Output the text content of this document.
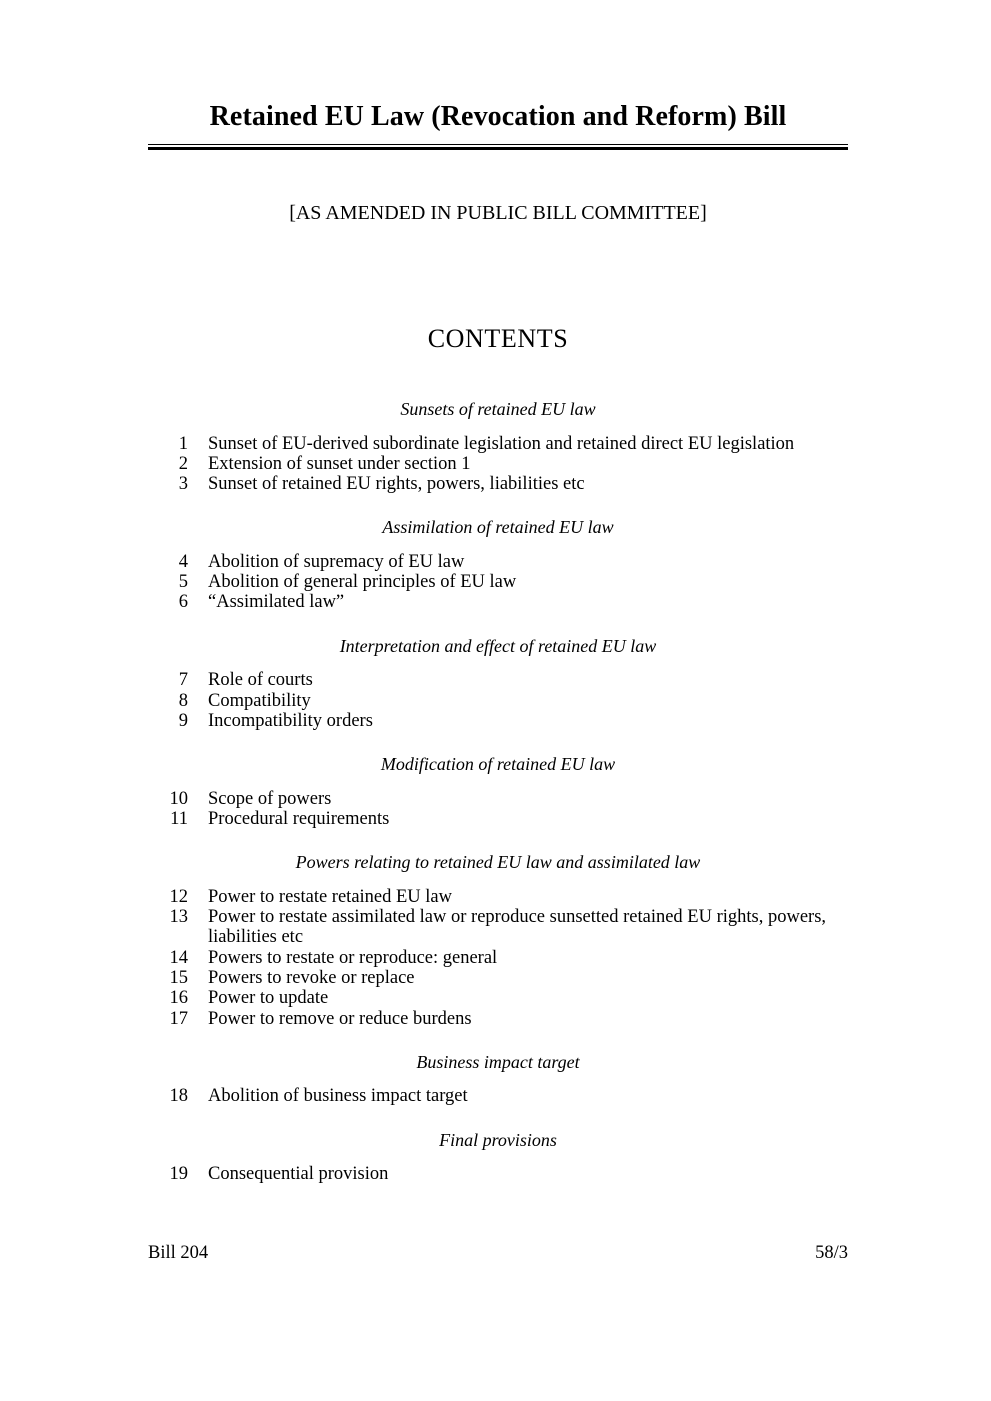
Retained EU Law (Revocation and Reform) Bill
[AS AMENDED IN PUBLIC BILL COMMITTEE]
CONTENTS
Sunsets of retained EU law
1	Sunset of EU-derived subordinate legislation and retained direct EU legislation
2	Extension of sunset under section 1
3	Sunset of retained EU rights, powers, liabilities etc
Assimilation of retained EU law
4	Abolition of supremacy of EU law
5	Abolition of general principles of EU law
6	“Assimilated law”
Interpretation and effect of retained EU law
7	Role of courts
8	Compatibility
9	Incompatibility orders
Modification of retained EU law
10	Scope of powers
11	Procedural requirements
Powers relating to retained EU law and assimilated law
12	Power to restate retained EU law
13	Power to restate assimilated law or reproduce sunsetted retained EU rights, powers, liabilities etc
14	Powers to restate or reproduce: general
15	Powers to revoke or replace
16	Power to update
17	Power to remove or reduce burdens
Business impact target
18	Abolition of business impact target
Final provisions
19	Consequential provision
Bill 204	58/3
